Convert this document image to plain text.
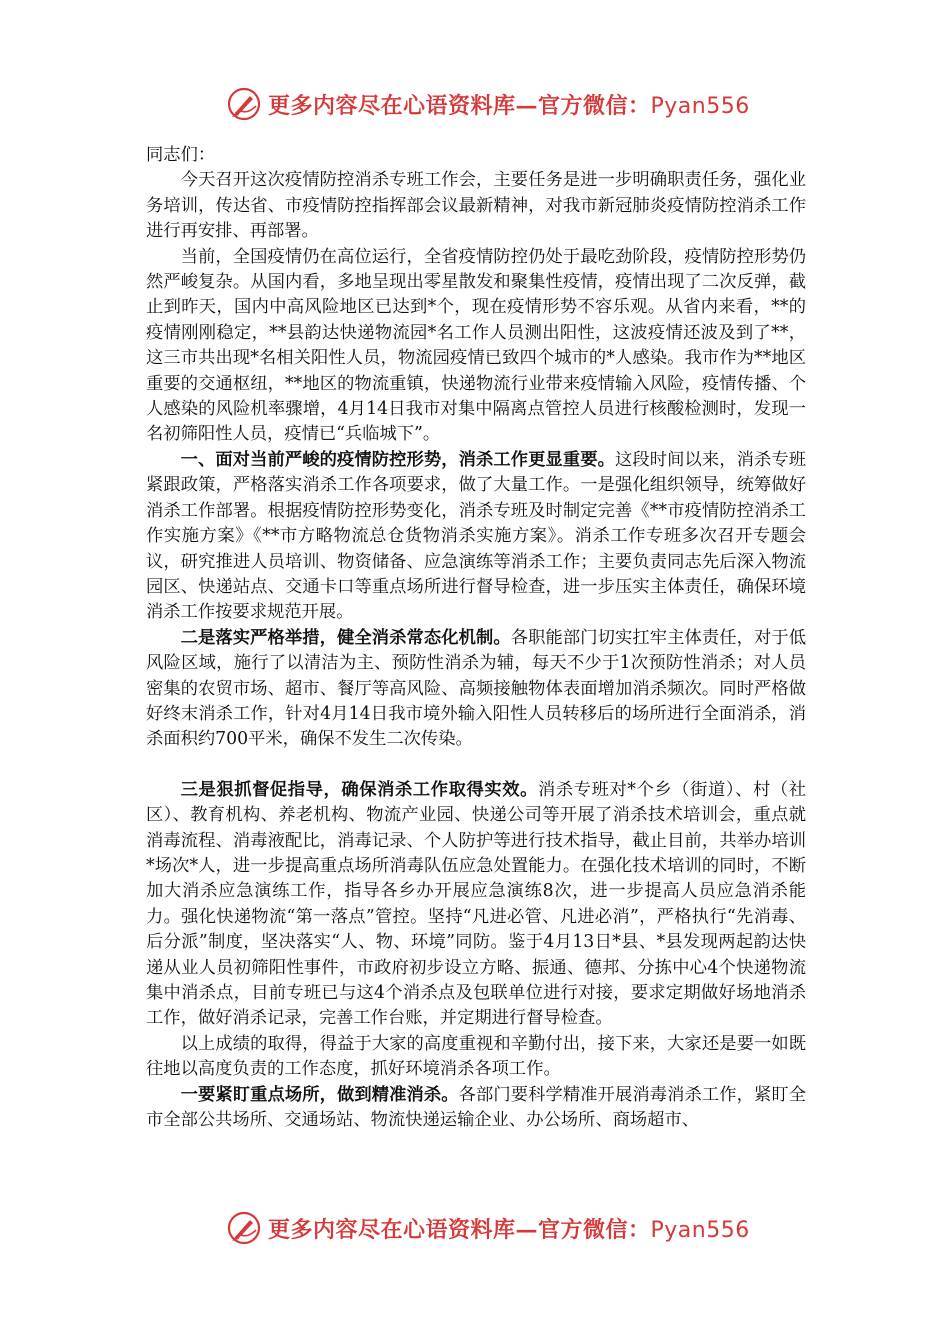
更多内容尽在心语资料库—官方微信：Pyan556

同志们：

今天召开这次疫情防控消杀专班工作会，主要任务是进一步明确职责任务，强化业务培训，传达省、市疫情防控指挥部会议最新精神，对我市新冠肺炎疫情防控消杀工作进行再安排、再部署。

当前，全国疫情仍在高位运行，全省疫情防控仍处于最吃劲阶段，疫情防控形势仍然严峻复杂。从国内看，多地呈现出零星散发和聚集性疫情，疫情出现了二次反弹，截止到昨天，国内中高风险地区已达到*个，现在疫情形势不容乐观。从省内来看，**的疫情刚刚稳定，**县韵达快递物流园*名工作人员测出阳性，这波疫情还波及到了**，这三市共出现*名相关阳性人员，物流园疫情已致四个城市的*人感染。我市作为**地区重要的交通枢纽，**地区的物流重镇，快递物流行业带来疫情输入风险，疫情传播、个人感染的风险机率骤增，4月14日我市对集中隔离点管控人员进行核酸检测时，发现一名初筛阳性人员，疫情已“兵临城下”。

一、面对当前严峻的疫情防控形势，消杀工作更显重要。这段时间以来，消杀专班紧跟政策，严格落实消杀工作各项要求，做了大量工作。一是强化组织领导，统筹做好消杀工作部署。根据疫情防控形势变化，消杀专班及时制定完善《**市疫情防控消杀工作实施方案》《**市方略物流总仓货物消杀实施方案》。消杀工作专班多次召开专题会议，研究推进人员培训、物资储备、应急演练等消杀工作；主要负责同志先后深入物流园区、快递站点、交通卡口等重点场所进行督导检查，进一步压实主体责任，确保环境消杀工作按要求规范开展。

二是落实严格举措，健全消杀常态化机制。各职能部门切实扛牢主体责任，对于低风险区域，施行了以清洁为主、预防性消杀为辅，每天不少于1次预防性消杀；对人员密集的农贸市场、超市、餐厅等高风险、高频接触物体表面增加消杀频次。同时严格做好终末消杀工作，针对4月14日我市境外输入阳性人员转移后的场所进行全面消杀，消杀面积约700平米，确保不发生二次传染。

三是狠抓督促指导，确保消杀工作取得实效。消杀专班对*个乡（街道）、村（社区）、教育机构、养老机构、物流产业园、快递公司等开展了消杀技术培训会，重点就消毒流程、消毒液配比，消毒记录、个人防护等进行技术指导，截止目前，共举办培训*场次*人，进一步提高重点场所消毒队伍应急处置能力。在强化技术培训的同时，不断加大消杀应急演练工作，指导各乡办开展应急演练8次，进一步提高人员应急消杀能力。强化快递物流“第一落点”管控。坚持“凡进必管、凡进必消”，严格执行“先消毒、后分派”制度，坚决落实“人、物、环境”同防。鉴于4月13日*县、*县发现两起韵达快递从业人员初筛阳性事件，市政府初步设立方略、振通、德邦、分拣中心4个快递物流集中消杀点，目前专班已与这4个消杀点及包联单位进行对接，要求定期做好场地消杀工作，做好消杀记录，完善工作台账，并定期进行督导检查。

以上成绩的取得，得益于大家的高度重视和辛勤付出，接下来，大家还是要一如既往地以高度负责的工作态度，抓好环境消杀各项工作。

一要紧盯重点场所，做到精准消杀。各部门要科学精准开展消毒消杀工作，紧盯全市全部公共场所、交通场站、物流快递运输企业、办公场所、商场超市、

更多内容尽在心语资料库—官方微信：Pyan556
